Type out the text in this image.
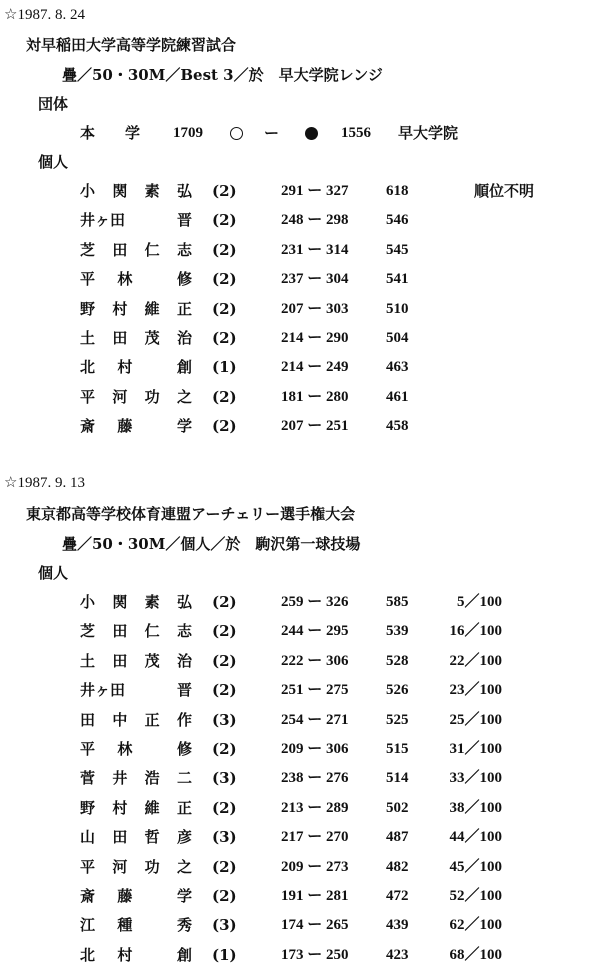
☆1987. 8. 24
対早稲田大学高等学院練習試合
疊／50・30M／Best 3／於　早大学院レンジ
団体
本　　学 1709	ー	1556 早大学院
個人
小 関 素 弘 (2)	291 ー 327 618	順位不明
井ヶ田	晋 (2)	248 ー 298 546
芝 田 仁 志 (2)	231 ー 314 545
平 林	修 (2)	237 ー 304 541
野 村 維 正 (2)	207 ー 303 510
土 田 茂 治 (2)	214 ー 290 504
北 村	創 (1)	214 ー 249 463
平 河 功 之 (2)	181 ー 280 461
斎 藤	学 (2)	207 ー 251 458
☆1987. 9. 13
東京都高等学校体育連盟アーチェリー選手権大会
疊／50・30M／個人／於　駒沢第一球技場
個人
小 関 素 弘 (2)	259 ー 326 585	5／100
芝 田 仁 志 (2)	244 ー 295 539	16／100
土 田 茂 治 (2)	222 ー 306 528	22／100
井ヶ田	晋 (2)	251 ー 275 526	23／100
田 中 正 作 (3)	254 ー 271 525	25／100
平 林	修 (2)	209 ー 306 515	31／100
菅 井 浩 二 (3)	238 ー 276 514	33／100
野 村 維 正 (2)	213 ー 289 502	38／100
山 田 哲 彦 (3)	217 ー 270 487	44／100
平 河 功 之 (2)	209 ー 273 482	45／100
斎 藤	学 (2)	191 ー 281 472	52／100
江 種	秀 (3)	174 ー 265 439	62／100
北 村	創 (1)	173 ー 250 423	68／100
